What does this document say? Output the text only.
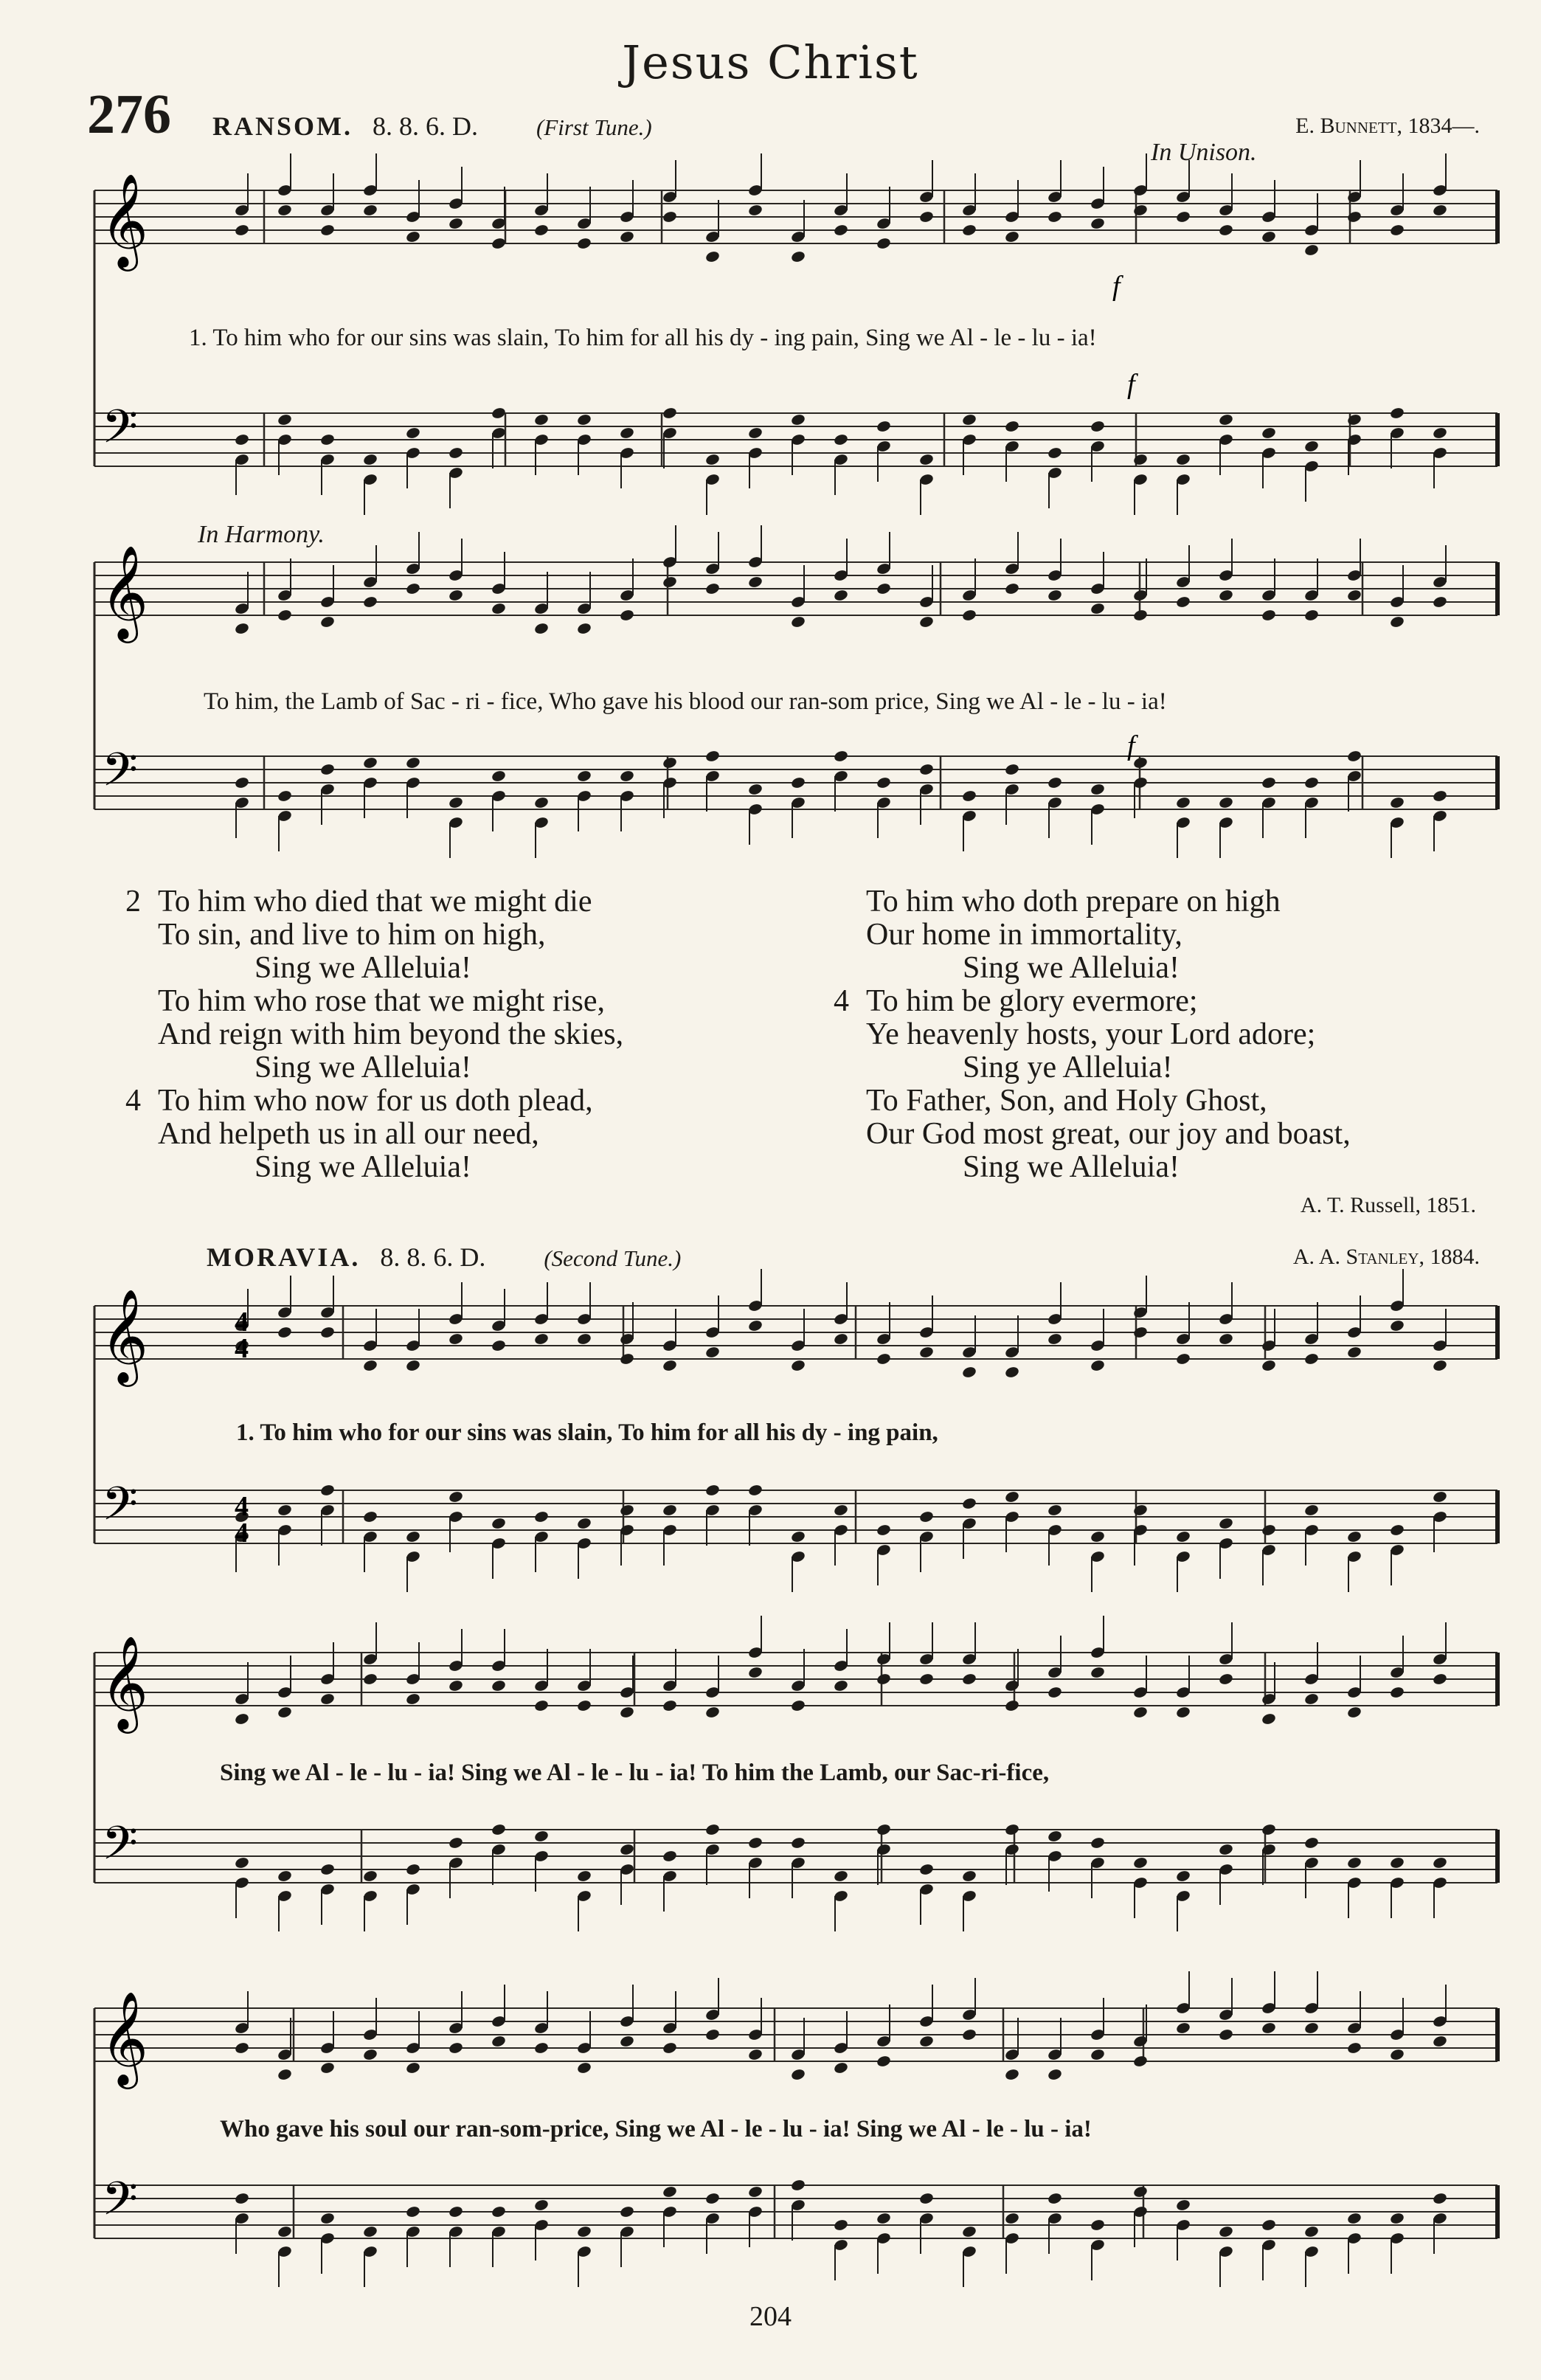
Jesus Christ
276 RANSOM. 8. 8. 6. D.	(First Tune.)	E. Bunnett, 1834—.
In Unison.
1. To him who for our sins was slain, To him for all his dy - ing pain, Sing we Al - le - lu - ia!
In Harmony.
To him, the Lamb of Sac - ri - fice, Who gave his blood our ran-som price, Sing we Al - le - lu - ia!
2 To him who died that we might die
To sin, and live to him on high,
Sing we Alleluia!
To him who rose that we might rise,
And reign with him beyond the skies,
Sing we Alleluia!
4 To him who now for us doth plead,
And helpeth us in all our need,
Sing we Alleluia!
To him who doth prepare on high
Our home in immortality,
Sing we Alleluia!
4 To him be glory evermore;
Ye heavenly hosts, your Lord adore;
Sing ye Alleluia!
To Father, Son, and Holy Ghost,
Our God most great, our joy and boast,
Sing we Alleluia!
A. T. Russell, 1851.
MORAVIA. 8. 8. 6. D.	(Second Tune.)	A. A. Stanley, 1884.
1. To him who for our sins was slain, To him for all his dy - ing pain,
Sing we Al - le - lu - ia! Sing we Al - le - lu - ia! To him the Lamb, our Sac-ri-fice,
Who gave his soul our ran-som-price, Sing we Al - le - lu - ia! Sing we Al - le - lu - ia!
𝄞
𝄢
𝄞
𝄢
𝄞
𝄢
𝄞
𝄢
𝄞
𝄢
4
4
4
4
f
f
f
204
